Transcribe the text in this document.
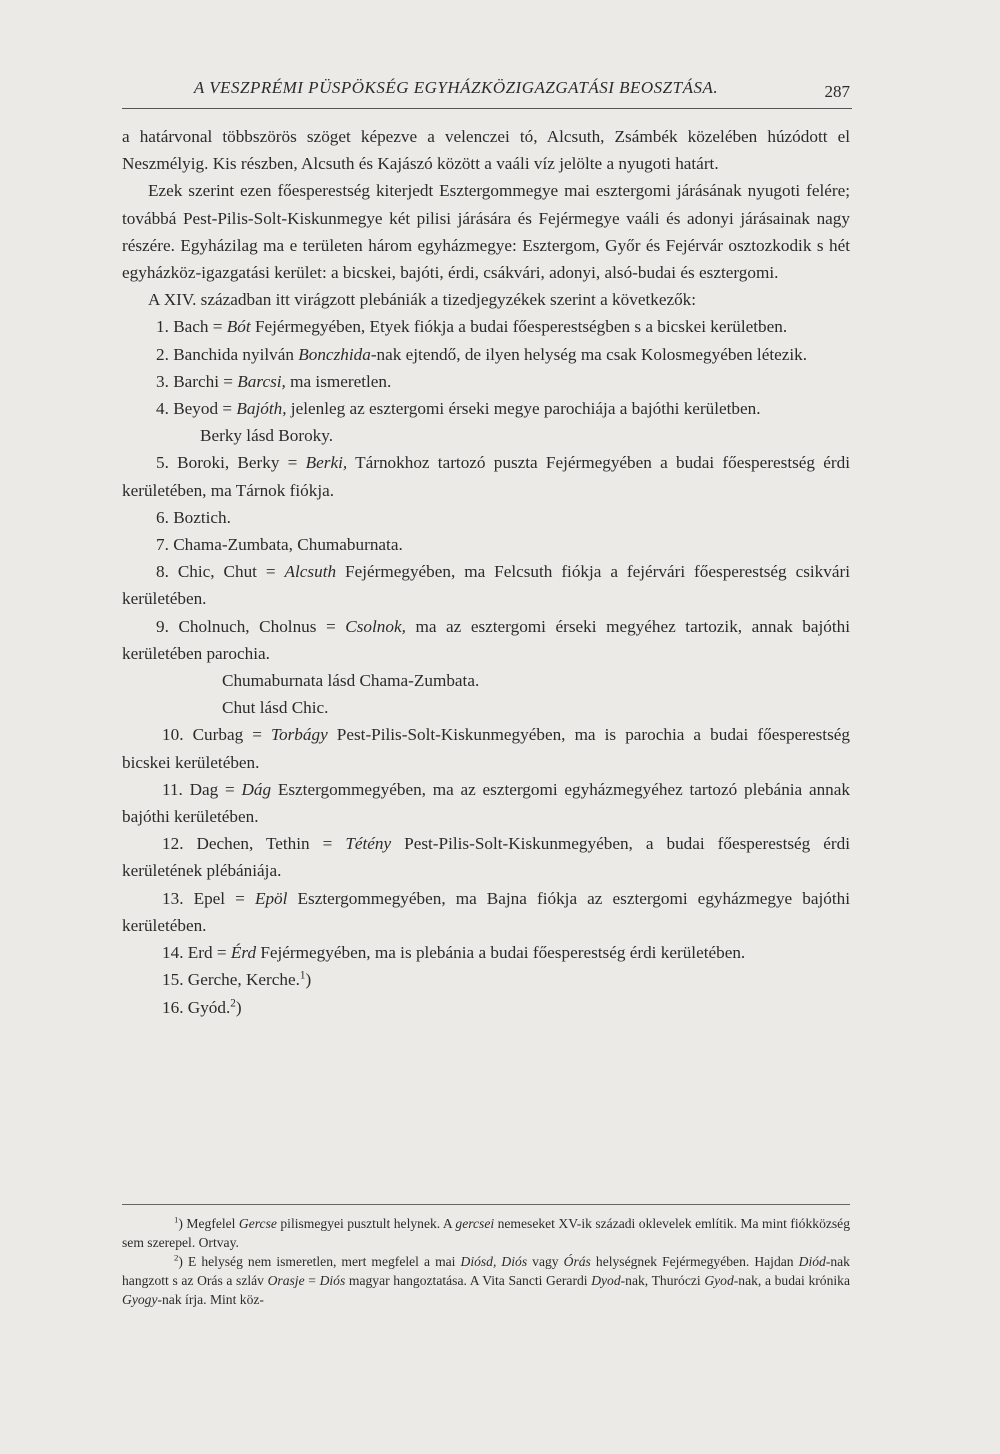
A VESZPRÉMI PÜSPÖKSÉG EGYHÁZKÖZIGAZGATÁSI BEOSZTÁSA.	287

a határvonal többszörös szöget képezve a velenczei tó, Alcsuth, Zsámbék közelében húzódott el Neszmélyig. Kis részben, Alcsuth és Kajászó között a vaáli víz jelölte a nyugoti határt.

Ezek szerint ezen főesperestség kiterjedt Esztergommegye mai esztergomi járásának nyugoti felére; továbbá Pest-Pilis-Solt-Kiskunmegye két pilisi járására és Fejérmegye vaáli és adonyi járásainak nagy részére. Egyházilag ma e területen három egyházmegye: Esztergom, Győr és Fejérvár osztozkodik s hét egyházköz-igazgatási kerület: a bicskei, bajóti, érdi, csákvári, adonyi, alsó-budai és esztergomi.

A XIV. században itt virágzott plebániák a tizedjegyzékek szerint a következők:

1. Bach = Bót Fejérmegyében, Etyek fiókja a budai főesperestségben s a bicskei kerületben.

2. Banchida nyilván Bonczhida-nak ejtendő, de ilyen helység ma csak Kolosmegyében létezik.

3. Barchi = Barcsi, ma ismeretlen.

4. Beyod = Bajóth, jelenleg az esztergomi érseki megye parochiája a bajóthi kerületben.

Berky lásd Boroky.

5. Boroki, Berky = Berki, Tárnokhoz tartozó puszta Fejérmegyében a budai főesperestség érdi kerületében, ma Tárnok fiókja.

6. Boztich.

7. Chama-Zumbata, Chumaburnata.

8. Chic, Chut = Alcsuth Fejérmegyében, ma Felcsuth fiókja a fejérvári főesperestség csikvári kerületében.

9. Cholnuch, Cholnus = Csolnok, ma az esztergomi érseki megyéhez tartozik, annak bajóthi kerületében parochia.

Chumaburnata lásd Chama-Zumbata.

Chut lásd Chic.

10. Curbag = Torbágy Pest-Pilis-Solt-Kiskunmegyében, ma is parochia a budai főesperestség bicskei kerületében.

11. Dag = Dág Esztergommegyében, ma az esztergomi egyházmegyéhez tartozó plebánia annak bajóthi kerületében.

12. Dechen, Tethin = Tétény Pest-Pilis-Solt-Kiskunmegyében, a budai főesperestség érdi kerületének plébániája.

13. Epel = Epöl Esztergommegyében, ma Bajna fiókja az esztergomi egyházmegye bajóthi kerületében.

14. Erd = Érd Fejérmegyében, ma is plebánia a budai főesperestség érdi kerületében.

15. Gerche, Kerche.$^1$)

16. Gyód.$^2$)

$^1$) Megfelel Gercse pilismegyei pusztult helynek. A gercsei nemeseket XV-ik századi oklevelek említik. Ma mint fiókközség sem szerepel. Ortvay.

$^2$) E helység nem ismeretlen, mert megfelel a mai Diósd, Diós vagy Órás helységnek Fejérmegyében. Hajdan Diód-nak hangzott s az Orás a szláv Orasje = Diós magyar hangoztatása. A Vita Sancti Gerardi Dyod-nak, Thuróczi Gyod-nak, a budai krónika Gyogy-nak írja. Mint köz-
